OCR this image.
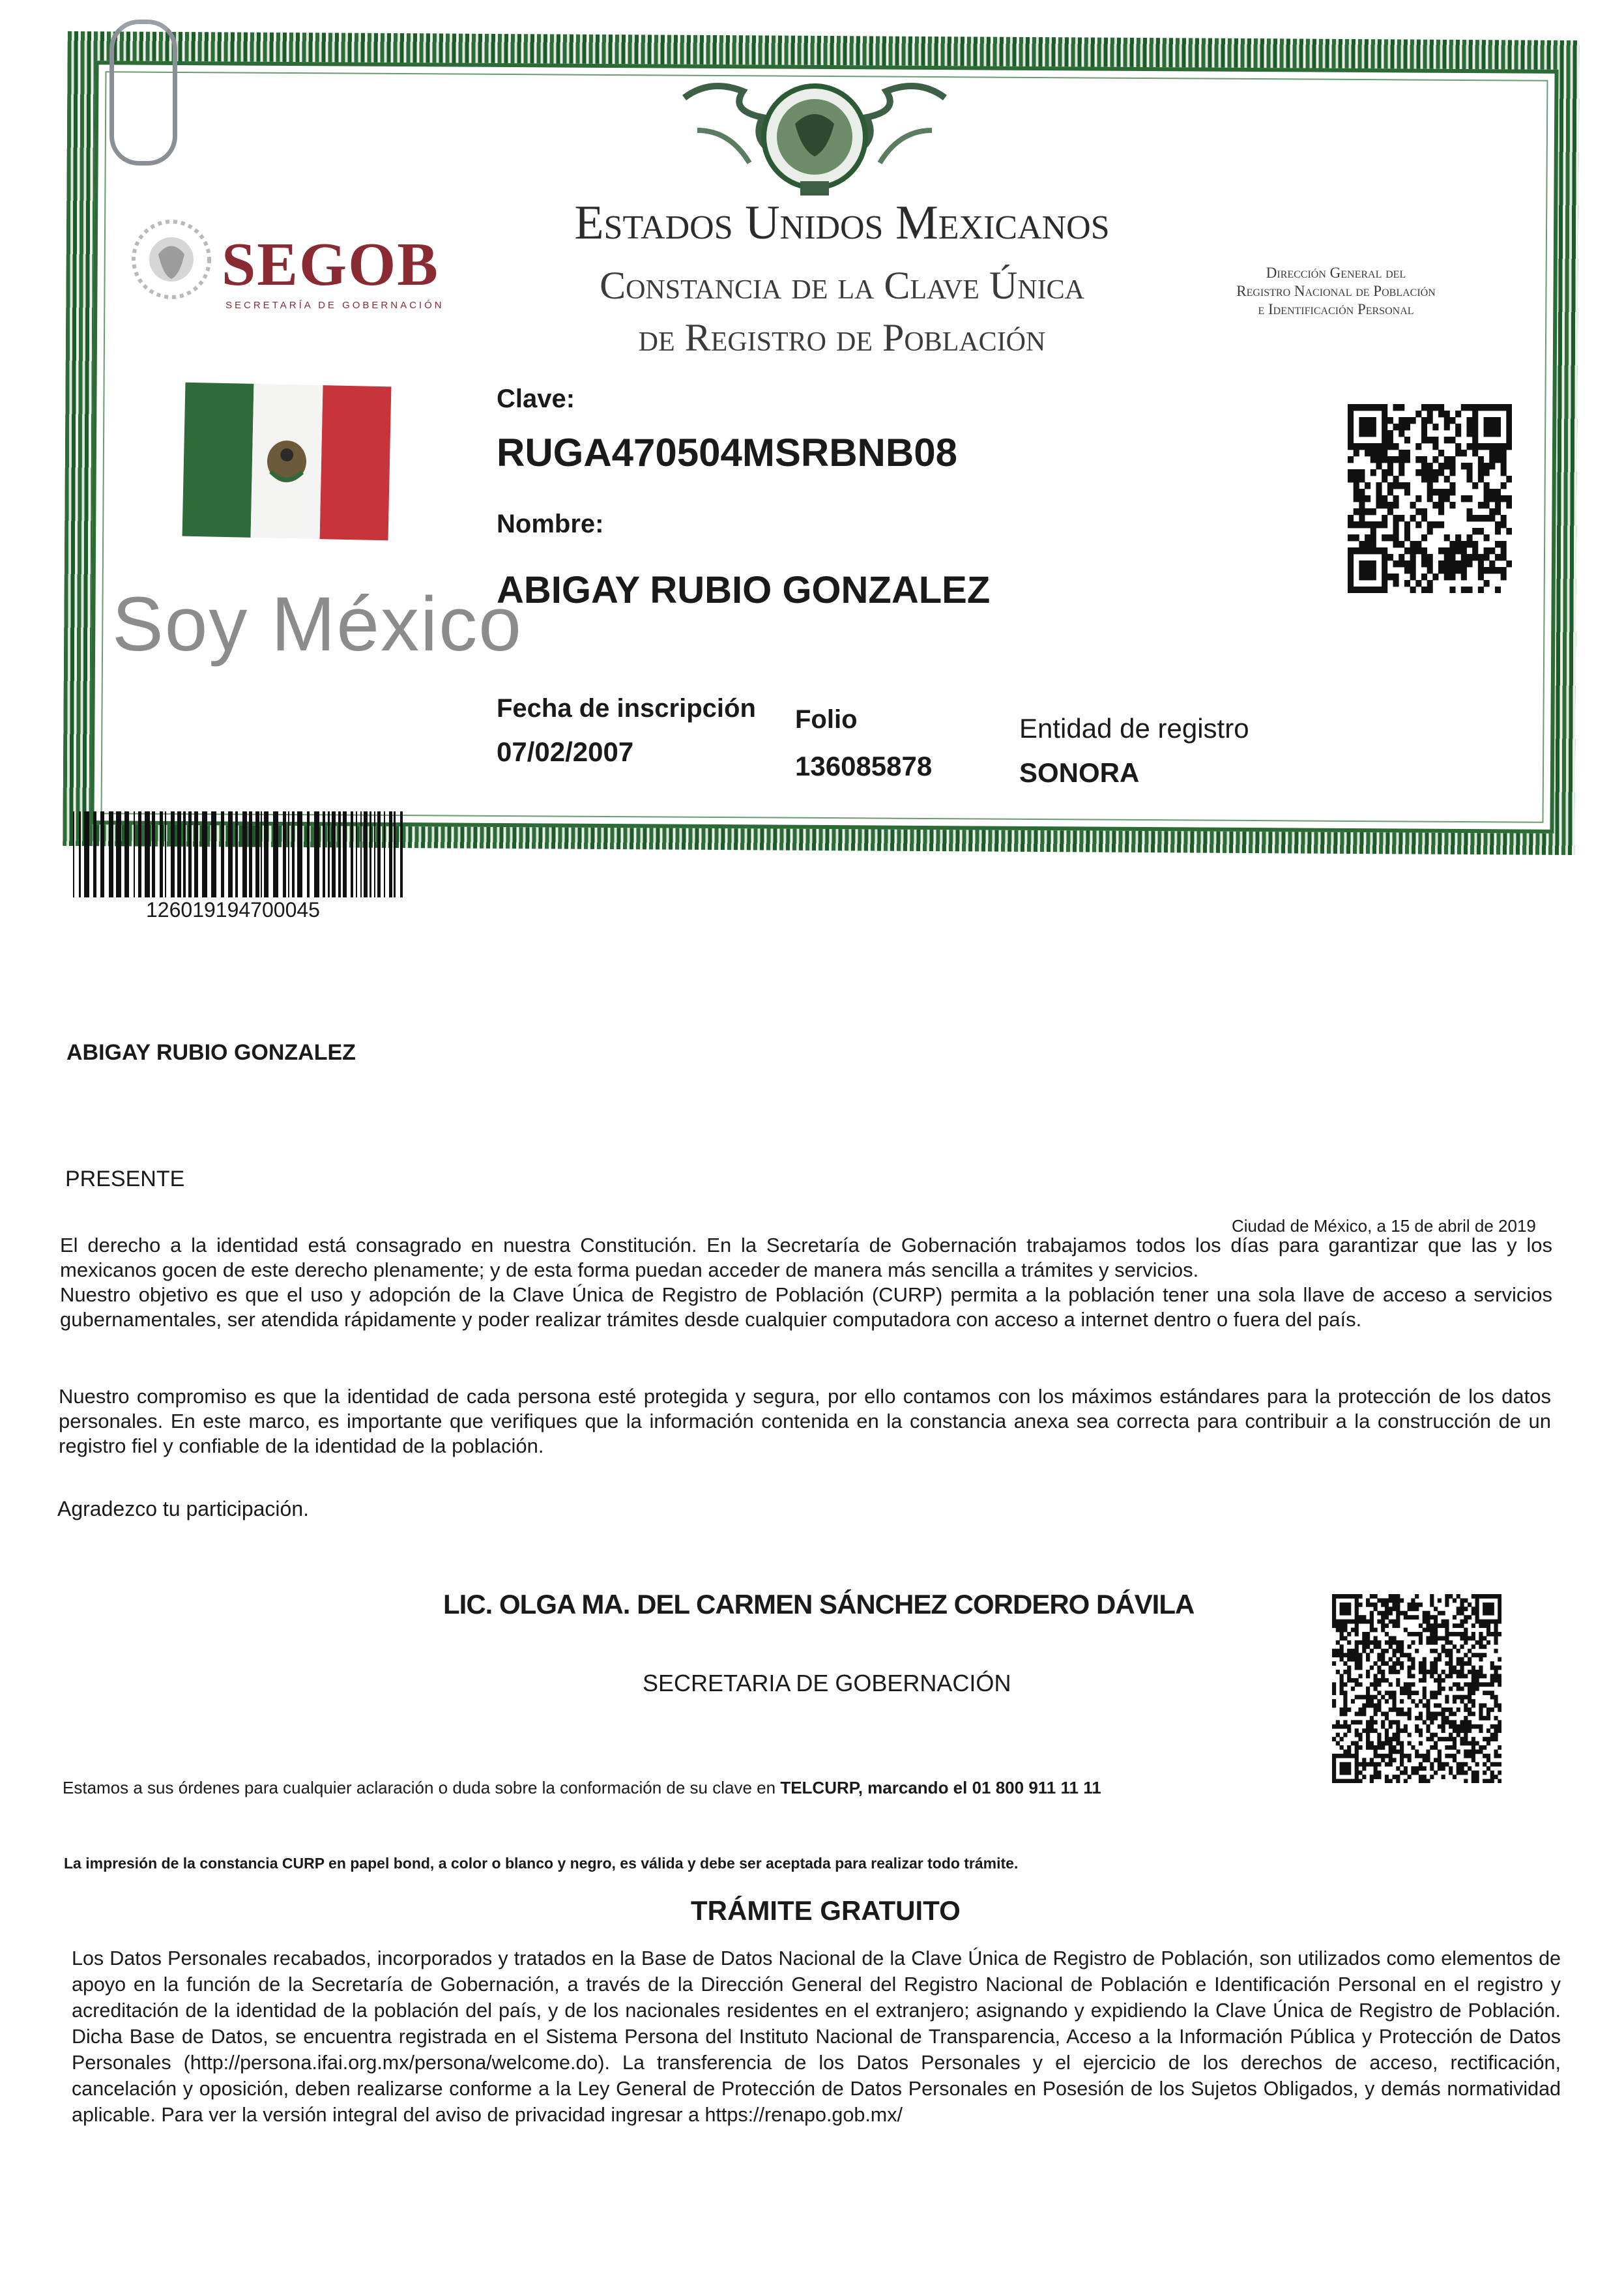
SEGOB
SECRETARÍA DE GOBERNACIÓN
Soy México
Estados Unidos Mexicanos
Constancia de la Clave Única
de Registro de Población
Dirección General del
Registro Nacional de Población
e Identificación Personal
Clave:
RUGA470504MSRBNB08
Nombre:
ABIGAY RUBIO GONZALEZ
Fecha de inscripción
07/02/2007
Folio
136085878
Entidad de registro
SONORA
126019194700045
ABIGAY RUBIO GONZALEZ
PRESENTE
Ciudad de México, a 15 de abril de 2019
El derecho a la identidad está consagrado en nuestra Constitución. En la Secretaría de Gobernación trabajamos todos los días para garantizar que las y los mexicanos gocen de este derecho plenamente; y de esta forma puedan acceder de manera más sencilla a trámites y servicios.
Nuestro objetivo es que el uso y adopción de la Clave Única de Registro de Población (CURP) permita a la población tener una sola llave de acceso a servicios gubernamentales, ser atendida rápidamente y poder realizar trámites desde cualquier computadora con acceso a internet dentro o fuera del país.
Nuestro compromiso es que la identidad de cada persona esté protegida y segura, por ello contamos con los máximos estándares para la protección de los datos personales. En este marco, es importante que verifiques que la información contenida en la constancia anexa sea correcta para contribuir a la construcción de un registro fiel y confiable de la identidad de la población.
Agradezco tu participación.
LIC. OLGA MA. DEL CARMEN SÁNCHEZ CORDERO DÁVILA
SECRETARIA DE GOBERNACIÓN
Estamos a sus órdenes para cualquier aclaración o duda sobre la conformación de su clave en TELCURP, marcando el 01 800 911 11 11
La impresión de la constancia CURP en papel bond, a color o blanco y negro, es válida y debe ser aceptada para realizar todo trámite.
TRÁMITE GRATUITO
Los Datos Personales recabados, incorporados y tratados en la Base de Datos Nacional de la Clave Única de Registro de Población, son utilizados como elementos de apoyo en la función de la Secretaría de Gobernación, a través de la Dirección General del Registro Nacional de Población e Identificación Personal en el registro y acreditación de la identidad de la población del país, y de los nacionales residentes en el extranjero; asignando y expidiendo la Clave Única de Registro de Población. Dicha Base de Datos, se encuentra registrada en el Sistema Persona del Instituto Nacional de Transparencia, Acceso a la Información Pública y Protección de Datos Personales (http://persona.ifai.org.mx/persona/welcome.do). La transferencia de los Datos Personales y el ejercicio de los derechos de acceso, rectificación, cancelación y oposición, deben realizarse conforme a la Ley General de Protección de Datos Personales en Posesión de los Sujetos Obligados, y demás normatividad aplicable. Para ver la versión integral del aviso de privacidad ingresar a https://renapo.gob.mx/
